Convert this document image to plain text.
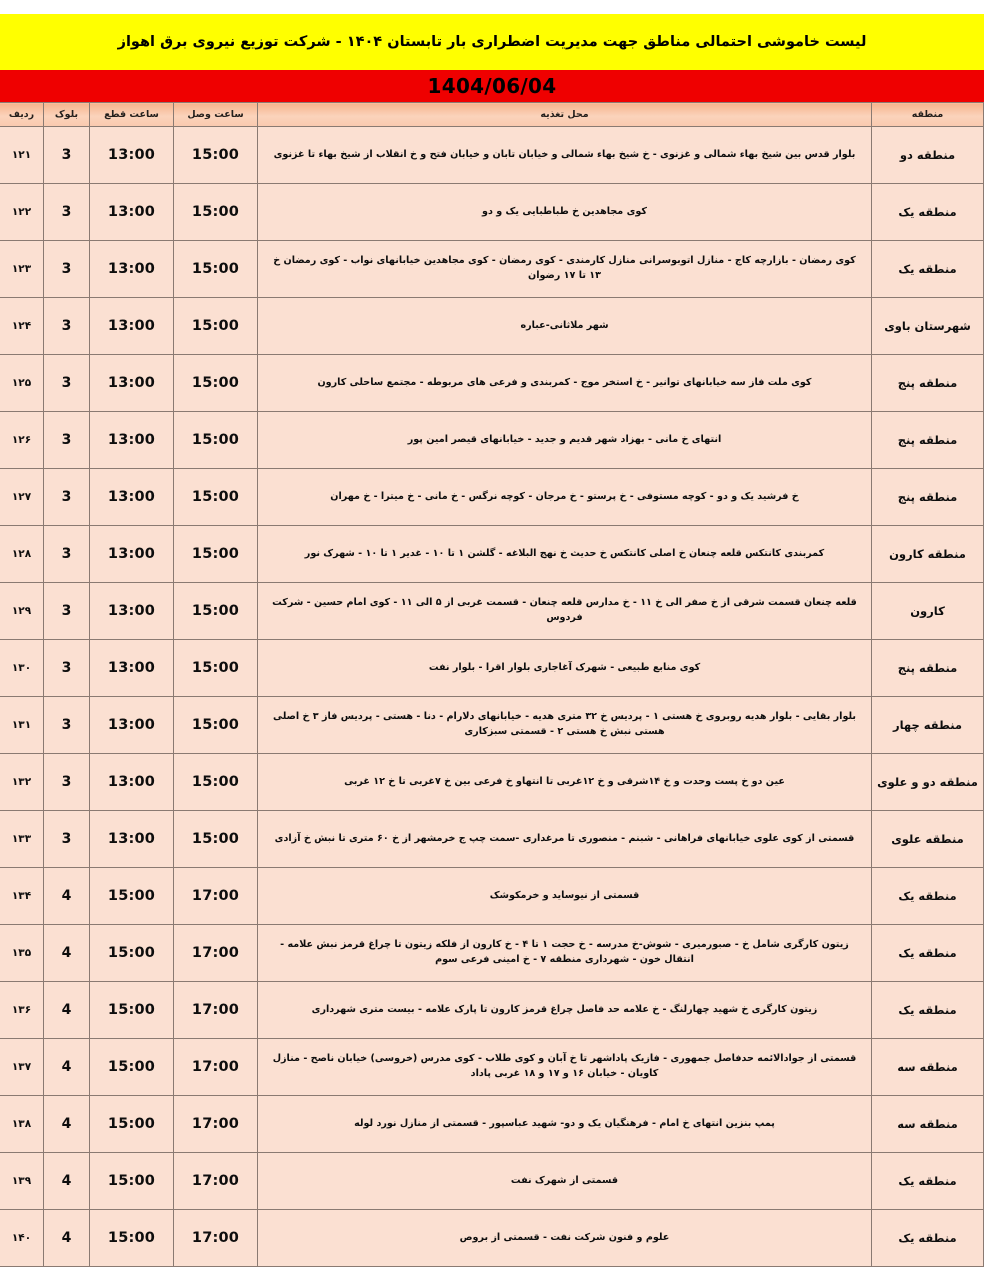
لیست خاموشی احتمالی مناطق جهت مدیریت اضطراری بار تابستان ۱۴۰۴ - شرکت توزیع نیروی برق اهواز
1404/06/04
منطقه	محل تغذیه	ساعت وصل	ساعت قطع	بلوک	ردیف
منطقه دو	بلوار قدس بین شیخ بهاء شمالی و غزنوی - خ شیخ بهاء شمالی و خیابان تابان و خیابان فتح و خ انقلاب از شیخ بهاء تا غزنوی	15:00	13:00	3	۱۲۱
منطقه یک	کوی مجاهدین خ طباطبایی یک و دو	15:00	13:00	3	۱۲۲
منطقه یک	کوی رمضان - بازارچه کاج - منازل اتوبوسرانی منازل کارمندی - کوی رمضان - کوی مجاهدین خیابانهای نواب - کوی رمضان خ ۱۳ تا ۱۷ رضوان	15:00	13:00	3	۱۲۳
شهرستان باوی	شهر ملاثانی-عباره	15:00	13:00	3	۱۲۴
منطقه پنج	کوی ملت فاز سه خیابانهای توانیر - خ استخر موج - کمربندی و فرعی های مربوطه - مجتمع ساحلی کارون	15:00	13:00	3	۱۲۵
منطقه پنج	انتهای خ مانی - بهزاد شهر قدیم و جدید - خیابانهای قیصر امین پور	15:00	13:00	3	۱۲۶
منطقه پنج	خ فرشید یک و دو - کوچه مستوفی - خ پرستو - خ مرجان - کوچه نرگس - خ مانی - خ میترا - خ مهران	15:00	13:00	3	۱۲۷
منطقه کارون	کمربندی کانتکس قلعه چنعان خ اصلی کانتکس خ حدیث خ نهج البلاغه - گلشن ۱ تا ۱۰ - غدیر ۱ تا ۱۰ - شهرک نور	15:00	13:00	3	۱۲۸
کارون	قلعه چنعان قسمت شرقی از خ صفر الی خ ۱۱ - خ مدارس قلعه چنعان - قسمت غربی از ۵ الی ۱۱ - کوی امام حسین - شرکت فردوس	15:00	13:00	3	۱۲۹
منطقه پنج	کوی منابع طبیعی - شهرک آغاجاری بلوار اقرا - بلوار نفت	15:00	13:00	3	۱۳۰
منطقه چهار	بلوار بقایی - بلوار هدیه روبروی خ هستی ۱ - پردیس خ ۳۲ متری هدیه - خیابانهای دلارام - دنا - هستی - پردیس فاز ۳ خ اصلی هستی نبش خ هستی ۲ - قسمتی سبزکاری	15:00	13:00	3	۱۳۱
منطقه دو و علوی	عین دو خ پست وحدت و خ ۱۴شرقی و خ ۱۲غربی تا انتهاو خ فرعی بین خ ۷غربی تا خ ۱۲ غربی	15:00	13:00	3	۱۳۲
منطقه علوی	قسمتی از کوی علوی خیابانهای فراهانی - شبنم - منصوری تا مرغداری -سمت چپ ج خرمشهر از خ ۶۰ متری تا نبش خ آزادی	15:00	13:00	3	۱۳۳
منطقه یک	قسمتی از نیوساید و خرمکوشک	17:00	15:00	4	۱۳۴
منطقه یک	زیتون کارگری شامل خ - صبورمیری - شوش-خ مدرسه - خ حجت ۱ تا ۴ - خ کارون از فلکه زیتون تا چراغ قرمز نبش علامه - انتقال خون - شهرداری منطقه ۷ - خ امینی فرعی سوم	17:00	15:00	4	۱۳۵
منطقه یک	زیتون کارگری خ شهید چهارلنگ - خ علامه حد فاصل چراغ قرمز کارون تا پارک علامه - بیست متری شهرداری	17:00	15:00	4	۱۳۶
منطقه سه	قسمتی از جوادالائمه حدفاصل جمهوری - فازیک پاداشهر تا خ آبان و کوی طلاب - کوی مدرس (خروسی) خیابان ناصح - منازل کاویان - خیابان ۱۶ و ۱۷ و ۱۸ غربی پاداد	17:00	15:00	4	۱۳۷
منطقه سه	پمپ بنزین انتهای خ امام - فرهنگیان یک و دو- شهید عباسپور - قسمتی از منازل نورد لوله	17:00	15:00	4	۱۳۸
منطقه یک	قسمتی از شهرک نفت	17:00	15:00	4	۱۳۹
منطقه یک	علوم و فنون شرکت نفت - قسمتی از بروص	17:00	15:00	4	۱۴۰
